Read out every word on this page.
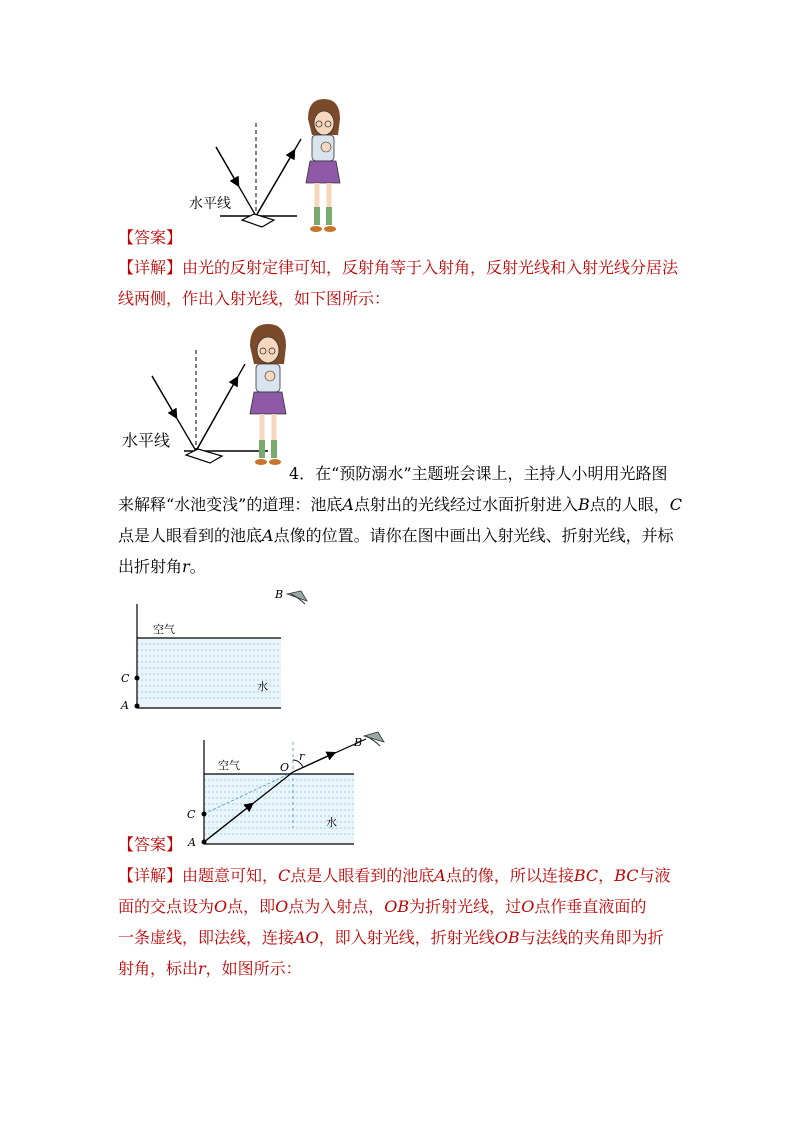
水平线
【答案】
【详解】由光的反射定律可知，反射角等于入射角，反射光线和入射光线分居法
线两侧，作出入射光线，如下图所示：
水平线
4．在“预防溺水”主题班会课上，主持人小明用光路图
来解释“水池变浅”的道理：池底A点射出的光线经过水面折射进入B点的人眼，C
点是人眼看到的池底A点像的位置。请你在图中画出入射光线、折射光线，并标
出折射角r。
B
空气
水
C
A
B
r
O
空气
水
C
A
【答案】
【详解】由题意可知，C点是人眼看到的池底A点的像，所以连接BC，BC与液
面的交点设为O点，即O点为入射点，OB为折射光线，过O点作垂直液面的
一条虚线，即法线，连接AO，即入射光线，折射光线OB与法线的夹角即为折
射角，标出r，如图所示：
